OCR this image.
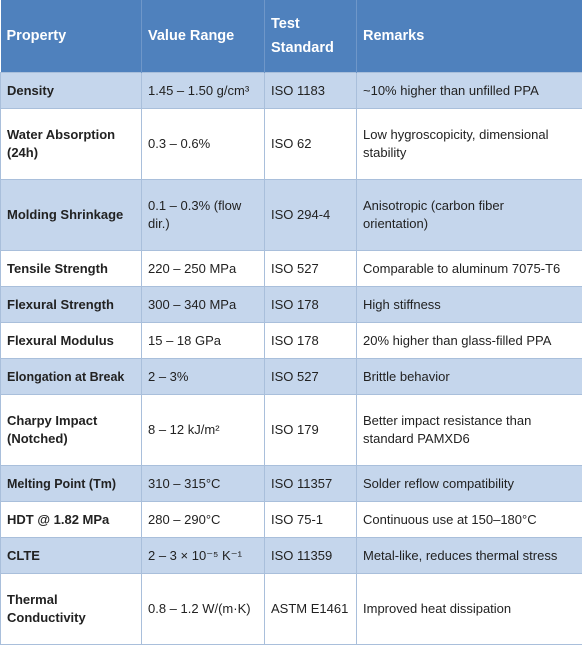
Property	Value Range	Test Standard	Remarks
Density	1.45 – 1.50 g/cm³	ISO 1183	~10% higher than unfilled PPA
Water Absorption (24h)	0.3 – 0.6%	ISO 62	Low hygroscopicity, dimensional stability
Molding Shrinkage	0.1 – 0.3% (flow dir.)	ISO 294-4	Anisotropic (carbon fiber orientation)
Tensile Strength	220 – 250 MPa	ISO 527	Comparable to aluminum 7075-T6
Flexural Strength	300 – 340 MPa	ISO 178	High stiffness
Flexural Modulus	15 – 18 GPa	ISO 178	20% higher than glass-filled PPA
Elongation at Break	2 – 3%	ISO 527	Brittle behavior
Charpy Impact (Notched)	8 – 12 kJ/m²	ISO 179	Better impact resistance than standard PAMXD6
Melting Point (Tm)	310 – 315°C	ISO 11357	Solder reflow compatibility
HDT @ 1.82 MPa	280 – 290°C	ISO 75-1	Continuous use at 150–180°C
CLTE	2 – 3 × 10⁻⁵ K⁻¹	ISO 11359	Metal-like, reduces thermal stress
Thermal Conductivity	0.8 – 1.2 W/(m·K)	ASTM E1461	Improved heat dissipation
